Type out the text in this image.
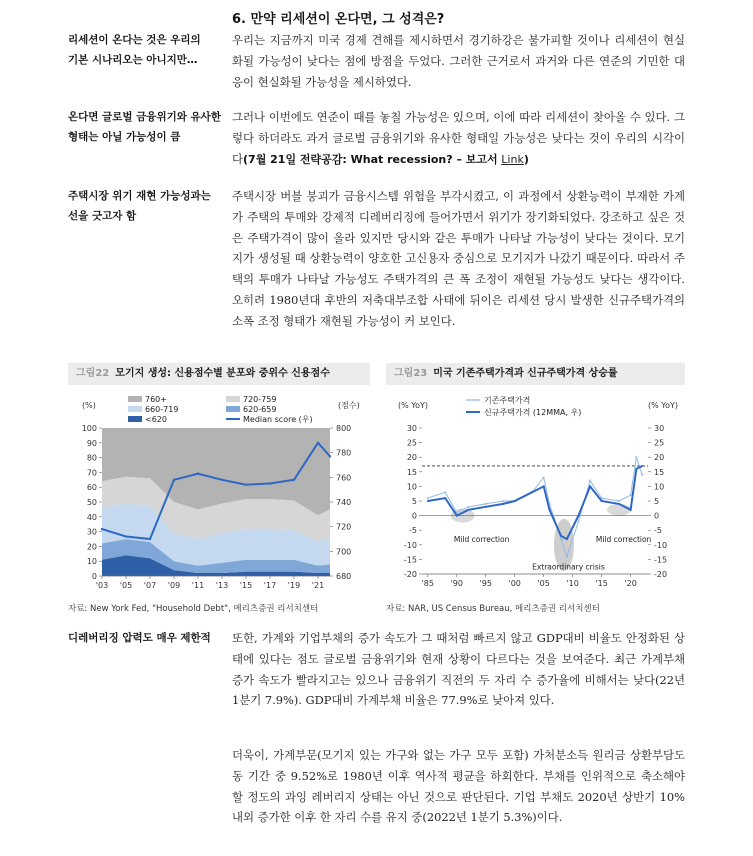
6. 만약 리세션이 온다면, 그 성격은?
리세션이 온다는 것은 우리의
기본 시나리오는 아니지만…
온다면 글로벌 금융위기와 유사한
형태는 아닐 가능성이 큼
주택시장 위기 재현 가능성과는
선을 긋고자 함
디레버리징 압력도 매우 제한적
우리는 지금까지 미국 경제 견해를 제시하면서 경기하강은 불가피할 것이나 리세션이 현실화될 가능성이 낮다는 점에 방점을 두었다. 그러한 근거로서 과거와 다른 연준의 기민한 대응이 현실화될 가능성을 제시하였다.
그러나 이번에도 연준이 때를 놓칠 가능성은 있으며, 이에 따라 리세션이 찾아올 수 있다. 그렇다 하더라도 과거 글로벌 금융위기와 유사한 형태일 가능성은 낮다는 것이 우리의 시각이다(7월 21일 전략공감: What recession? – 보고서 Link)
주택시장 버블 붕괴가 금융시스템 위험을 부각시켰고, 이 과정에서 상환능력이 부재한 가계가 주택의 투매와 강제적 디레버리징에 들어가면서 위기가 장기화되었다. 강조하고 싶은 것은 주택가격이 많이 올라 있지만 당시와 같은 투매가 나타날 가능성이 낮다는 것이다. 모기지가 생성될 때 상환능력이 양호한 고신용자 중심으로 모기지가 나갔기 때문이다. 따라서 주택의 투매가 나타날 가능성도 주택가격의 큰 폭 조정이 재현될 가능성도 낮다는 생각이다. 오히려 1980년대 후반의 저축대부조합 사태에 뒤이은 리세션 당시 발생한 신규주택가격의 소폭 조정 형태가 재현될 가능성이 커 보인다.
그림22 모기지 생성: 신용점수별 분포와 중위수 신용점수
(%)	(점수)
760+
660-719
<620
720-759
620-659
Median score (우)
100
90
80
70
60
50
40
30
20
10
0
800
780
760
740
720
700
680
'03 '05 '07 '09 '11 '13 '15 '17 '19 '21
자료: New York Fed, "Household Debt", 메리츠증권 리서치센터
그림23 미국 기존주택가격과 신규주택가격 상승률
(% YoY)	(% YoY)
기존주택가격
신규주택가격 (12MMA, 우)
Mild correction
Extraordinary crisis
Mild correction
30
25
20
15
10
5
0
-5
-10
-15
-20
30
25
20
15
10
5
0
-5
-10
-15
-20
'85 '90 '95 '00 '05 '10 '15 '20
자료: NAR, US Census Bureau, 메리츠증권 리서치센터
또한, 가계와 기업부채의 증가 속도가 그 때처럼 빠르지 않고 GDP대비 비율도 안정화된 상태에 있다는 점도 글로벌 금융위기와 현재 상황이 다르다는 것을 보여준다. 최근 가계부채 증가 속도가 빨라지고는 있으나 금융위기 직전의 두 자리 수 증가율에 비해서는 낮다(22년 1분기 7.9%). GDP대비 가계부채 비율은 77.9%로 낮아져 있다.
더욱이, 가계부문(모기지 있는 가구와 없는 가구 모두 포함) 가처분소득 원리금 상환부담도 동 기간 중 9.52%로 1980년 이후 역사적 평균을 하회한다. 부채를 인위적으로 축소해야 할 정도의 과잉 레버리지 상태는 아닌 것으로 판단된다. 기업 부채도 2020년 상반기 10% 내외 증가한 이후 한 자리 수를 유지 중(2022년 1분기 5.3%)이다.
